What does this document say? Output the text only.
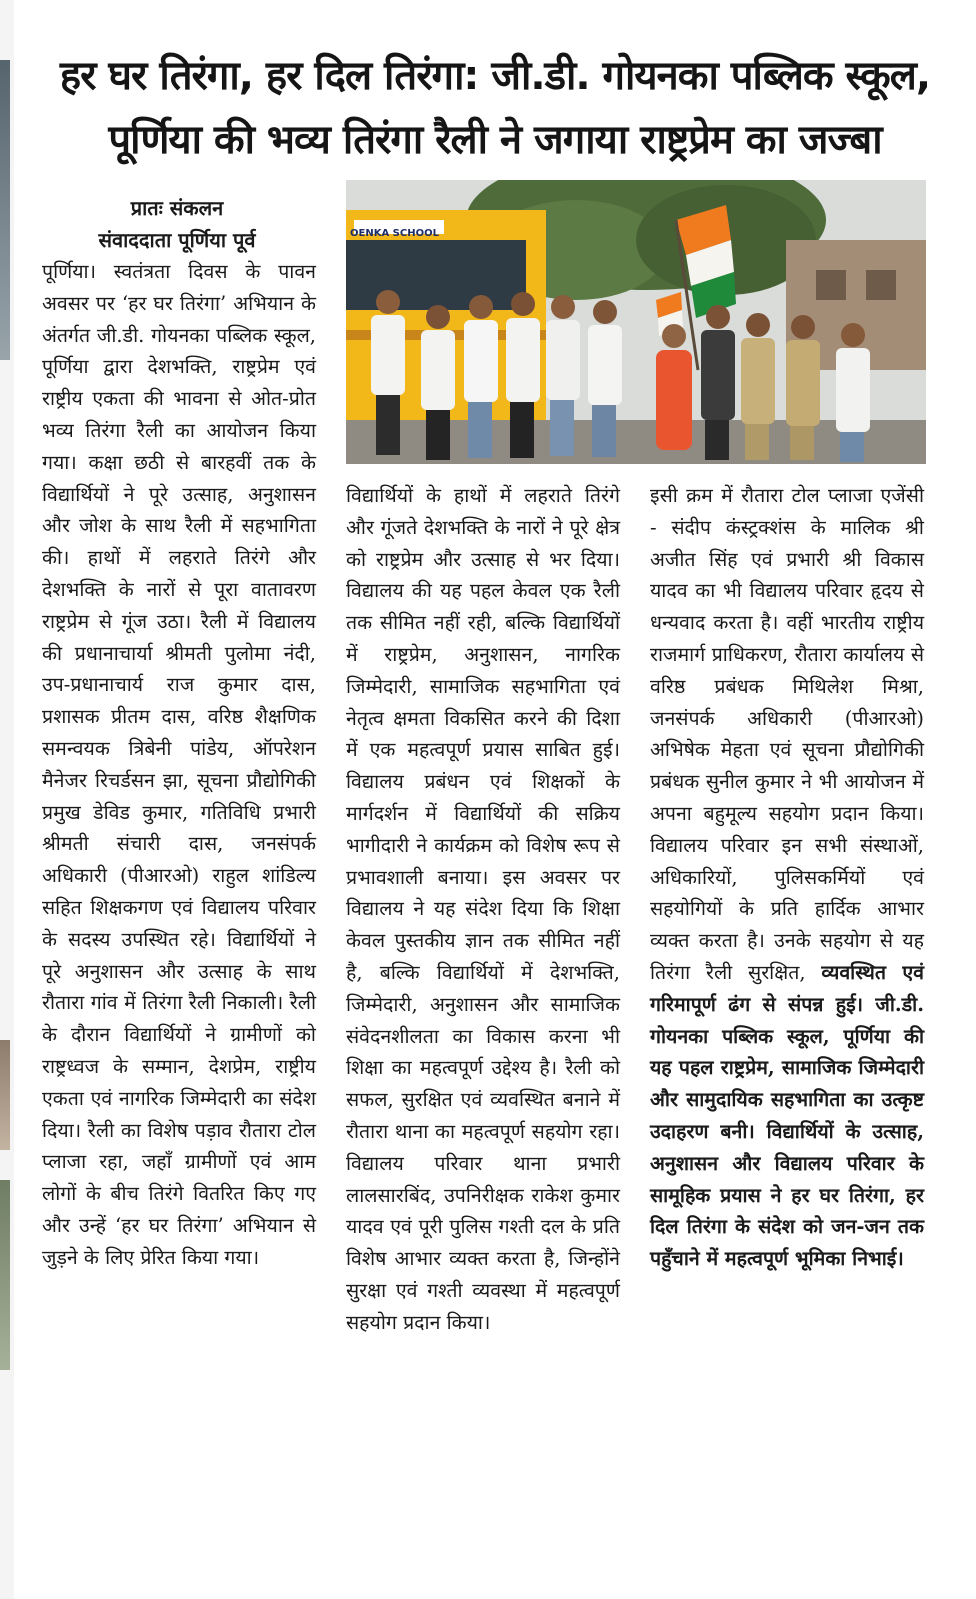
हर घर तिरंगा, हर दिल तिरंगा: जी.डी. गोयनका पब्लिक स्कूल,
पूर्णिया की भव्य तिरंगा रैली ने जगाया राष्ट्रप्रेम का जज्बा
प्रातः संकलन
संवाददाता पूर्णिया पूर्व	OENKA SCHOOL

पूर्णिया। स्वतंत्रता दिवस के पावन अवसर पर ‘हर घर तिरंगा’ अभियान के अंतर्गत जी.डी. गोयनका पब्लिक स्कूल, पूर्णिया द्वारा देशभक्ति, राष्ट्रप्रेम एवं राष्ट्रीय एकता की भावना से ओत-प्रोत भव्य तिरंगा रैली का आयोजन किया गया। कक्षा छठी से बारहवीं तक के विद्यार्थियों ने पूरे उत्साह, अनुशासन और जोश के साथ रैली में सहभागिता की। हाथों में लहराते तिरंगे और देशभक्ति के नारों से पूरा वातावरण राष्ट्रप्रेम से गूंज उठा। रैली में विद्यालय की प्रधानाचार्या श्रीमती पुलोमा नंदी, उप-प्रधानाचार्य राज कुमार दास, प्रशासक प्रीतम दास, वरिष्ठ शैक्षणिक समन्वयक त्रिबेनी पांडेय, ऑपरेशन मैनेजर रिचर्डसन झा, सूचना प्रौद्योगिकी प्रमुख डेविड कुमार, गतिविधि प्रभारी श्रीमती संचारी दास, जनसंपर्क अधिकारी (पीआरओ) राहुल शांडिल्य सहित शिक्षकगण एवं विद्यालय परिवार के सदस्य उपस्थित रहे। विद्यार्थियों ने पूरे अनुशासन और उत्साह के साथ रौतारा गांव में तिरंगा रैली निकाली। रैली के दौरान विद्यार्थियों ने ग्रामीणों को राष्ट्रध्वज के सम्मान, देशप्रेम, राष्ट्रीय एकता एवं नागरिक जिम्मेदारी का संदेश दिया। रैली का विशेष पड़ाव रौतारा टोल प्लाजा रहा, जहाँ ग्रामीणों एवं आम लोगों के बीच तिरंगे वितरित किए गए और उन्हें ‘हर घर तिरंगा’ अभियान से जुड़ने के लिए प्रेरित किया गया।

विद्यार्थियों के हाथों में लहराते तिरंगे और गूंजते देशभक्ति के नारों ने पूरे क्षेत्र को राष्ट्रप्रेम और उत्साह से भर दिया। विद्यालय की यह पहल केवल एक रैली तक सीमित नहीं रही, बल्कि विद्यार्थियों में राष्ट्रप्रेम, अनुशासन, नागरिक जिम्मेदारी, सामाजिक सहभागिता एवं नेतृत्व क्षमता विकसित करने की दिशा में एक महत्वपूर्ण प्रयास साबित हुई। विद्यालय प्रबंधन एवं शिक्षकों के मार्गदर्शन में विद्यार्थियों की सक्रिय भागीदारी ने कार्यक्रम को विशेष रूप से प्रभावशाली बनाया। इस अवसर पर विद्यालय ने यह संदेश दिया कि शिक्षा केवल पुस्तकीय ज्ञान तक सीमित नहीं है, बल्कि विद्यार्थियों में देशभक्ति, जिम्मेदारी, अनुशासन और सामाजिक संवेदनशीलता का विकास करना भी शिक्षा का महत्वपूर्ण उद्देश्य है। रैली को सफल, सुरक्षित एवं व्यवस्थित बनाने में रौतारा थाना का महत्वपूर्ण सहयोग रहा। विद्यालय परिवार थाना प्रभारी लालसारबिंद, उपनिरीक्षक राकेश कुमार यादव एवं पूरी पुलिस गश्ती दल के प्रति विशेष आभार व्यक्त करता है, जिन्होंने सुरक्षा एवं गश्ती व्यवस्था में महत्वपूर्ण सहयोग प्रदान किया।

इसी क्रम में रौतारा टोल प्लाजा एजेंसी - संदीप कंस्ट्रक्शंस के मालिक श्री अजीत सिंह एवं प्रभारी श्री विकास यादव का भी विद्यालय परिवार हृदय से धन्यवाद करता है। वहीं भारतीय राष्ट्रीय राजमार्ग प्राधिकरण, रौतारा कार्यालय से वरिष्ठ प्रबंधक मिथिलेश मिश्रा, जनसंपर्क अधिकारी (पीआरओ) अभिषेक मेहता एवं सूचना प्रौद्योगिकी प्रबंधक सुनील कुमार ने भी आयोजन में अपना बहुमूल्य सहयोग प्रदान किया। विद्यालय परिवार इन सभी संस्थाओं, अधिकारियों, पुलिसकर्मियों एवं सहयोगियों के प्रति हार्दिक आभार व्यक्त करता है। उनके सहयोग से यह तिरंगा रैली सुरक्षित, व्यवस्थित एवं गरिमापूर्ण ढंग से संपन्न हुई। जी.डी. गोयनका पब्लिक स्कूल, पूर्णिया की यह पहल राष्ट्रप्रेम, सामाजिक जिम्मेदारी और सामुदायिक सहभागिता का उत्कृष्ट उदाहरण बनी। विद्यार्थियों के उत्साह, अनुशासन और विद्यालय परिवार के सामूहिक प्रयास ने हर घर तिरंगा, हर दिल तिरंगा के संदेश को जन-जन तक पहुँचाने में महत्वपूर्ण भूमिका निभाई।
